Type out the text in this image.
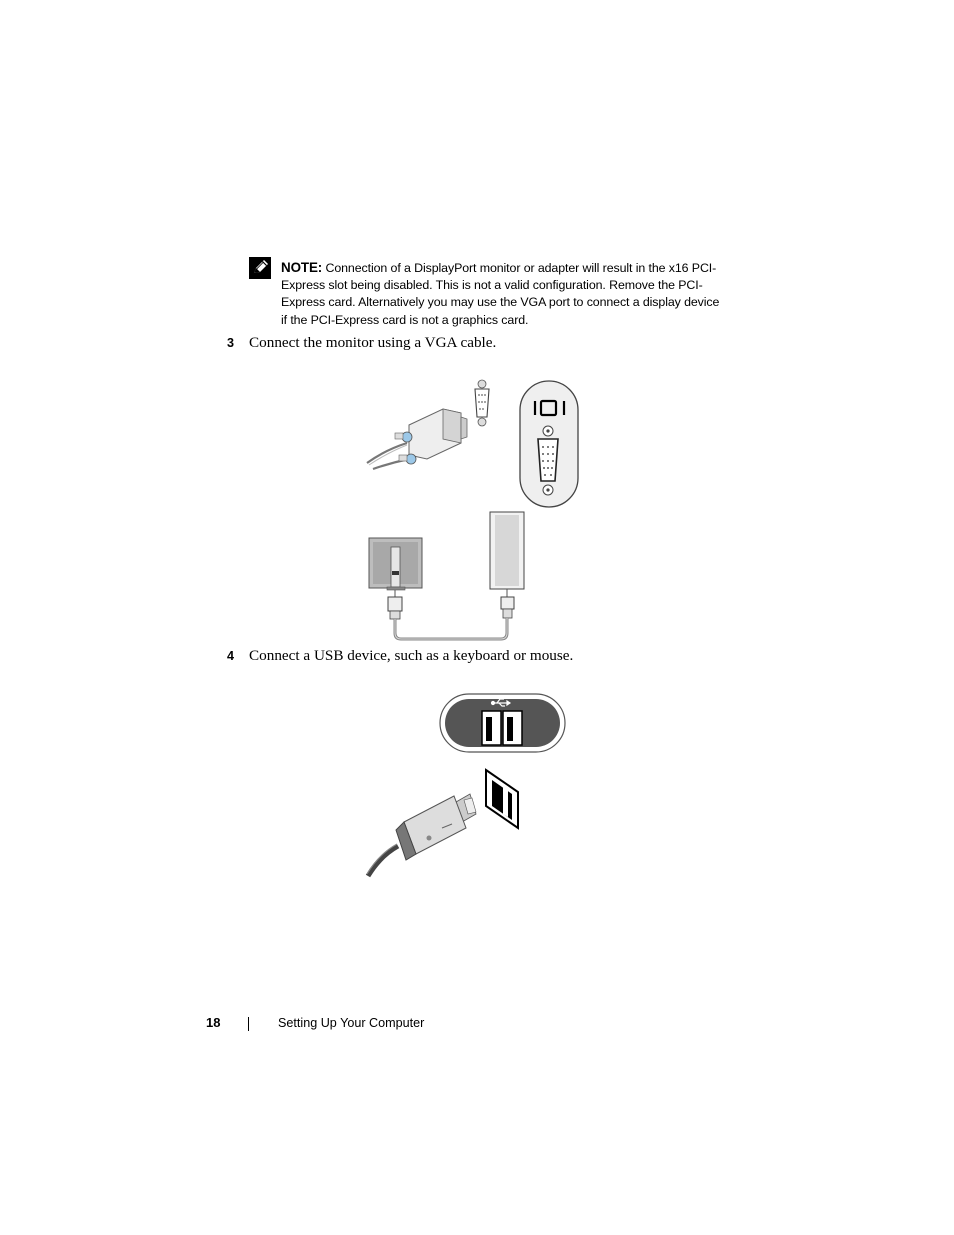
NOTE: Connection of a DisplayPort monitor or adapter will result in the x16 PCI-Express slot being disabled. This is not a valid configuration. Remove the PCI-Express card. Alternatively you may use the VGA port to connect a display device if the PCI-Express card is not a graphics card.
3 Connect the monitor using a VGA cable.
4 Connect a USB device, such as a keyboard or mouse.
18	Setting Up Your Computer
